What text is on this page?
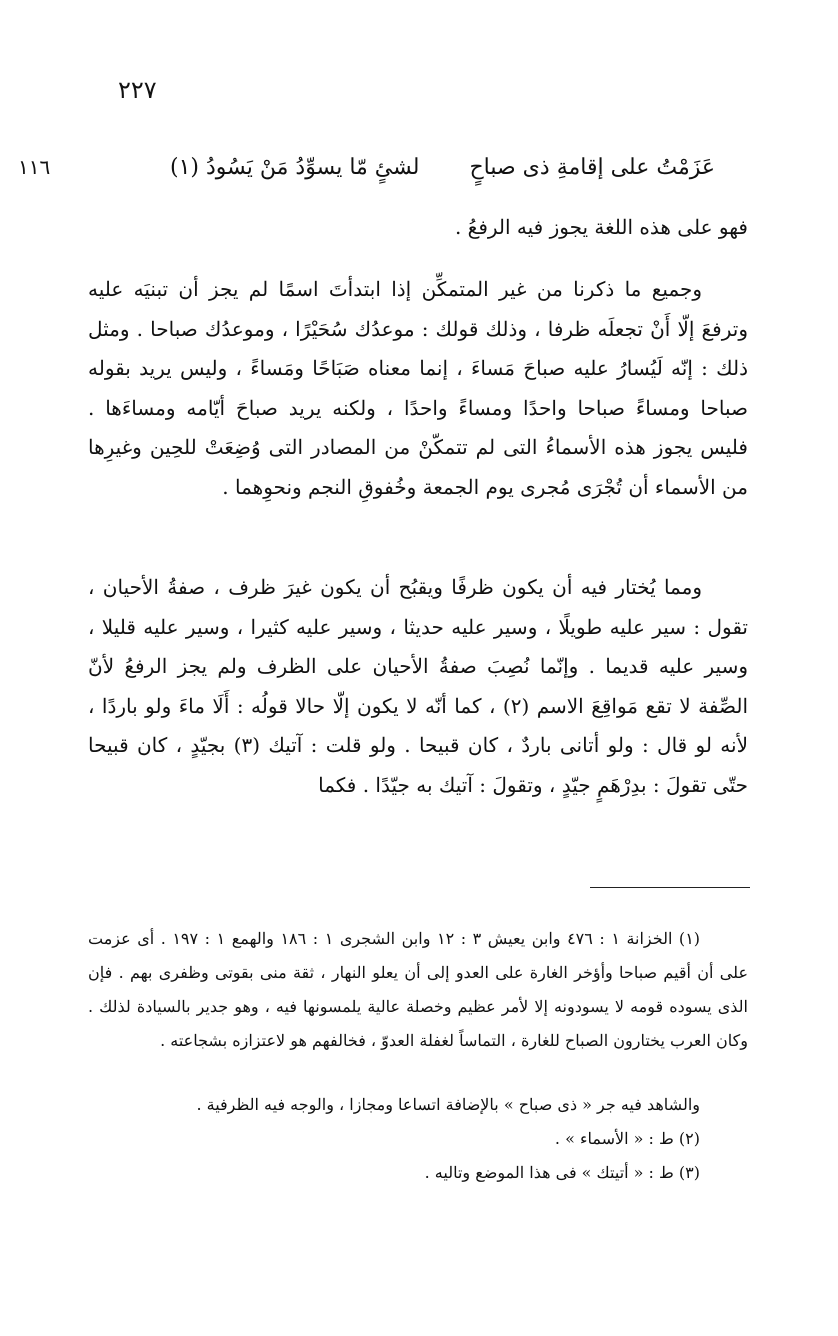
٢٢٧
١١٦	عَزَمْتُ على إقامةِ ذى صباحٍ
لشئٍ مّا يسوِّدُ مَنْ يَسُودُ (١)

فهو على هذه اللغة يجوز فيه الرفعُ .

وجميع ما ذكرنا من غير المتمكِّن إذا ابتدأتَ اسمًا لم يجز أن تبنيَه عليه وترفعَ إلّا أَنْ تجعلَه ظرفا ، وذلك قولك : موعدُك سُحَيْرًا ، وموعدُك صباحا . ومثل ذلك : إنّه لَيُسارُ عليه صباحَ مَساءَ ، إنما معناه صَبَاحًا ومَساءً ، وليس يريد بقوله صباحا ومساءً صباحا واحدًا ومساءً واحدًا ، ولكنه يريد صباحَ أيّامه ومساءَها . فليس يجوز هذه الأسماءُ التى لم تتمكّنْ من المصادر التى وُضِعَتْ للحِين وغيرِها من الأسماء أن تُجْرَى مُجرى يوم الجمعة وخُفوقِ النجم ونحوِهما .

ومما يُختار فيه أن يكون ظرفًا ويقبُح أن يكون غيرَ ظرف ، صفةُ الأحيان ، تقول : سير عليه طويلًا ، وسير عليه حديثا ، وسير عليه كثيرا ، وسير عليه قليلا ، وسير عليه قديما . وإنّما نُصِبَ صفةُ الأحيان على الظرف ولم يجز الرفعُ لأنّ الصِّفة لا تقع مَواقِعَ الاسم (٢) ، كما أنّه لا يكون إلّا حالا قولُه : أَلَا ماءَ ولو باردًا ، لأنه لو قال : ولو أتانى باردٌ ، كان قبيحا . ولو قلت : آتيك (٣) بجيّدٍ ، كان قبيحا حتّى تقولَ : بدِرْهَمٍ جيّدٍ ، وتقولَ : آتيك به جيّدًا . فكما

(١) الخزانة ١ : ٤٧٦ وابن يعيش ٣ : ١٢ وابن الشجرى ١ : ١٨٦ والهمع ١ : ١٩٧ . أى عزمت على أن أقيم صباحا وأؤخر الغارة على العدو إلى أن يعلو النهار ، ثقة منى بقوتى وظفرى بهم . فإن الذى يسوده قومه لا يسودونه إلا لأمر عظيم وخصلة عالية يلمسونها فيه ، وهو جدير بالسيادة لذلك . وكان العرب يختارون الصباح للغارة ، التماساً لغفلة العدوّ ، فخالفهم هو لاعتزازه بشجاعته .

والشاهد فيه جر « ذى صباح » بالإضافة اتساعا ومجازا ، والوجه فيه الظرفية .

(٢) ط : « الأسماء » .

(٣) ط : « أتيتك » فى هذا الموضع وتاليه .
